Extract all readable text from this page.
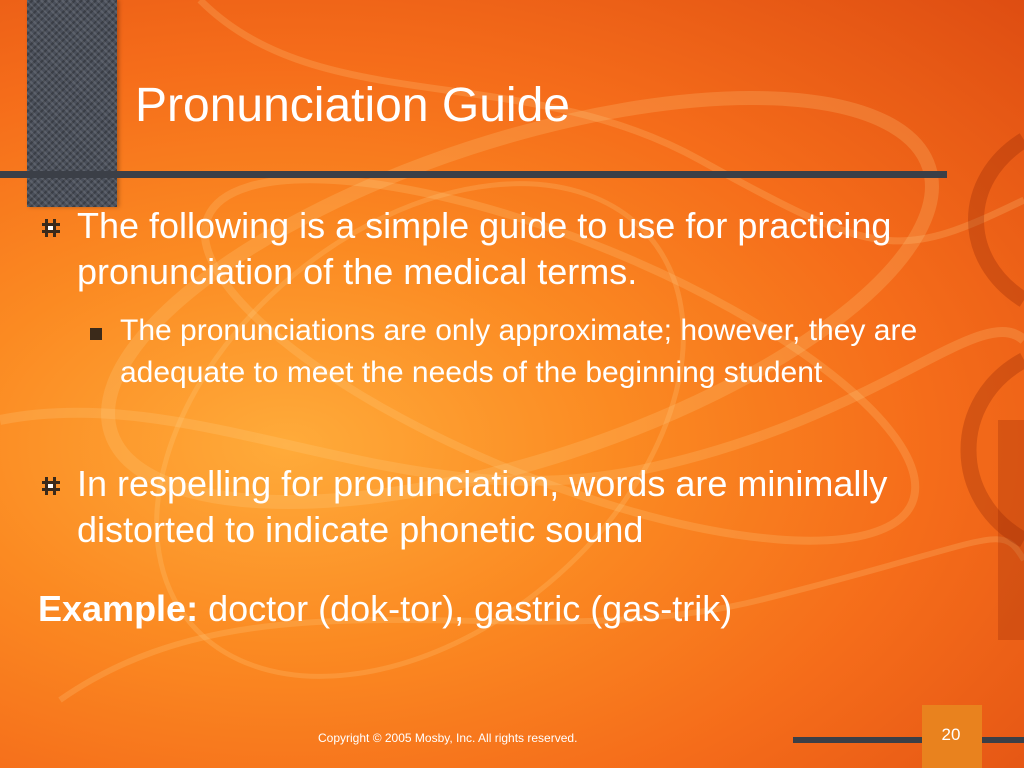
Pronunciation Guide
The following is a simple guide to use for practicing pronunciation of the medical terms.
The pronunciations are only approximate; however, they are adequate to meet the needs of the beginning student
In respelling for pronunciation, words are minimally distorted to indicate phonetic sound

Example: doctor (dok-tor), gastric (gas-trik)

20
Copyright © 2005 Mosby, Inc. All rights reserved.
